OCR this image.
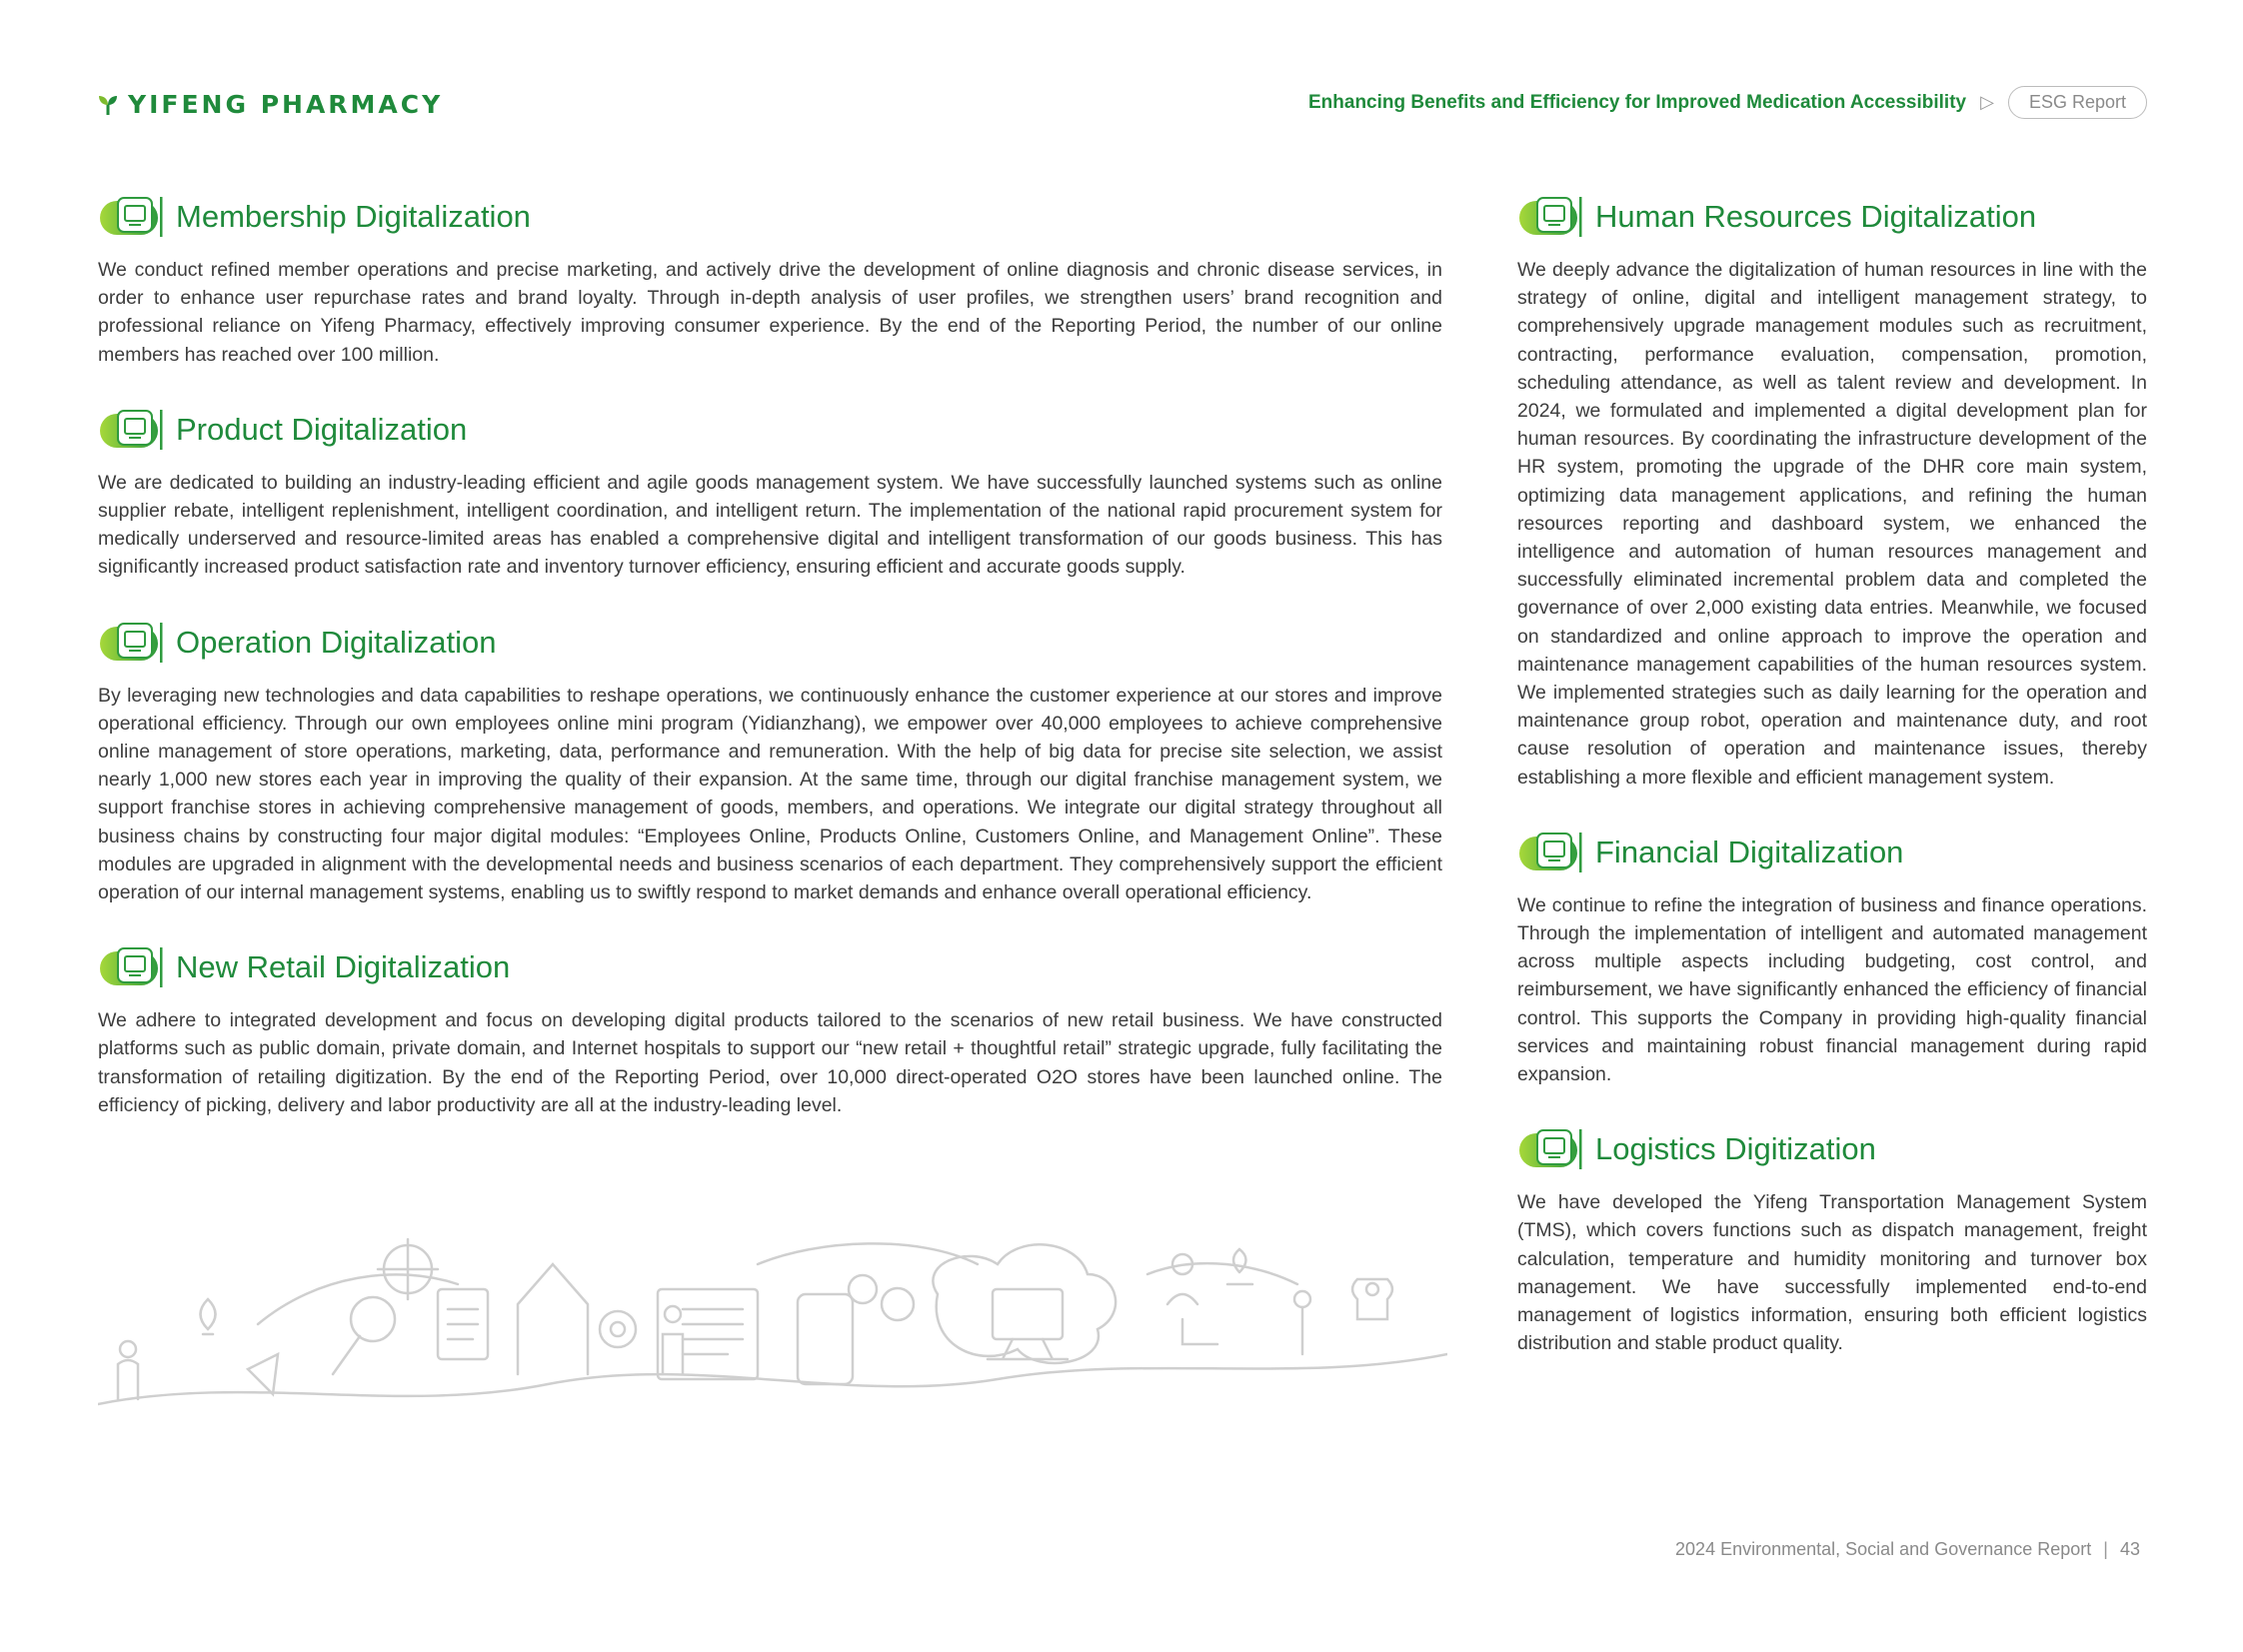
YIFENG PHARMACY	Enhancing Benefits and Efficiency for Improved Medication Accessibility ▷	ESG Report
Membership Digitalization

We conduct refined member operations and precise marketing, and actively drive the development of online diagnosis and chronic disease services, in order to enhance user repurchase rates and brand loyalty. Through in-depth analysis of user profiles, we strengthen users’ brand recognition and professional reliance on Yifeng Pharmacy, effectively improving consumer experience. By the end of the Reporting Period, the number of our online members has reached over 100 million.

Product Digitalization

We are dedicated to building an industry-leading efficient and agile goods management system. We have successfully launched systems such as online supplier rebate, intelligent replenishment, intelligent coordination, and intelligent return. The implementation of the national rapid procurement system for medically underserved and resource-limited areas has enabled a comprehensive digital and intelligent transformation of our goods business. This has significantly increased product satisfaction rate and inventory turnover efficiency, ensuring efficient and accurate goods supply.

Operation Digitalization

By leveraging new technologies and data capabilities to reshape operations, we continuously enhance the customer experience at our stores and improve operational efficiency. Through our own employees online mini program (Yidianzhang), we empower over 40,000 employees to achieve comprehensive online management of store operations, marketing, data, performance and remuneration. With the help of big data for precise site selection, we assist nearly 1,000 new stores each year in improving the quality of their expansion. At the same time, through our digital franchise management system, we support franchise stores in achieving comprehensive management of goods, members, and operations. We integrate our digital strategy throughout all business chains by constructing four major digital modules: “Employees Online, Products Online, Customers Online, and Management Online”. These modules are upgraded in alignment with the developmental needs and business scenarios of each department. They comprehensively support the efficient operation of our internal management systems, enabling us to swiftly respond to market demands and enhance overall operational efficiency.

New Retail Digitalization

We adhere to integrated development and focus on developing digital products tailored to the scenarios of new retail business. We have constructed platforms such as public domain, private domain, and Internet hospitals to support our “new retail + thoughtful retail” strategic upgrade, fully facilitating the transformation of retailing digitization. By the end of the Reporting Period, over 10,000 direct-operated O2O stores have been launched online. The efficiency of picking, delivery and labor productivity are all at the industry-leading level.

Human Resources Digitalization

We deeply advance the digitalization of human resources in line with the strategy of online, digital and intelligent management strategy, to comprehensively upgrade management modules such as recruitment, contracting, performance evaluation, compensation, promotion, scheduling attendance, as well as talent review and development. In 2024, we formulated and implemented a digital development plan for human resources. By coordinating the infrastructure development of the HR system, promoting the upgrade of the DHR core main system, optimizing data management applications, and refining the human resources reporting and dashboard system, we enhanced the intelligence and automation of human resources management and successfully eliminated incremental problem data and completed the governance of over 2,000 existing data entries. Meanwhile, we focused on standardized and online approach to improve the operation and maintenance management capabilities of the human resources system. We implemented strategies such as daily learning for the operation and maintenance group robot, operation and maintenance duty, and root cause resolution of operation and maintenance issues, thereby establishing a more flexible and efficient management system.

Financial Digitalization

We continue to refine the integration of business and finance operations. Through the implementation of intelligent and automated management across multiple aspects including budgeting, cost control, and reimbursement, we have significantly enhanced the efficiency of financial control. This supports the Company in providing high-quality financial services and maintaining robust financial management during rapid expansion.

Logistics Digitization

We have developed the Yifeng Transportation Management System (TMS), which covers functions such as dispatch management, freight calculation, temperature and humidity monitoring and turnover box management. We have successfully implemented end-to-end management of logistics information, ensuring both efficient logistics distribution and stable product quality.

2024 Environmental, Social and Governance Report | 43
